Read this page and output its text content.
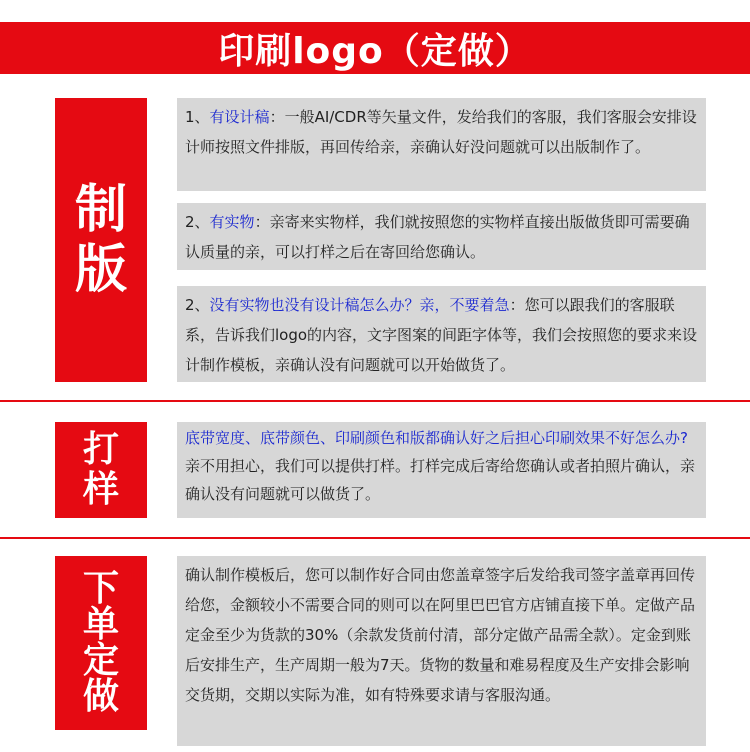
印刷logo（定做）
制
版
1、有设计稿：一般AI/CDR等矢量文件，发给我们的客服，我们客服会安排设计师按照文件排版，再回传给亲，亲确认好没问题就可以出版制作了。
2、有实物：亲寄来实物样，我们就按照您的实物样直接出版做货即可需要确认质量的亲，可以打样之后在寄回给您确认。
2、没有实物也没有设计稿怎么办？亲，不要着急：您可以跟我们的客服联系，告诉我们logo的内容，文字图案的间距字体等，我们会按照您的要求来设计制作模板，亲确认没有问题就可以开始做货了。
打
样
底带宽度、底带颜色、印刷颜色和版都确认好之后担心印刷效果不好怎么办?
亲不用担心，我们可以提供打样。打样完成后寄给您确认或者拍照片确认，亲确认没有问题就可以做货了。
下
单
定
做
确认制作模板后，您可以制作好合同由您盖章签字后发给我司签字盖章再回传给您，金额较小不需要合同的则可以在阿里巴巴官方店铺直接下单。定做产品定金至少为货款的30%（余款发货前付清，部分定做产品需全款）。定金到账后安排生产，生产周期一般为7天。货物的数量和难易程度及生产安排会影响交货期，交期以实际为准，如有特殊要求请与客服沟通。
